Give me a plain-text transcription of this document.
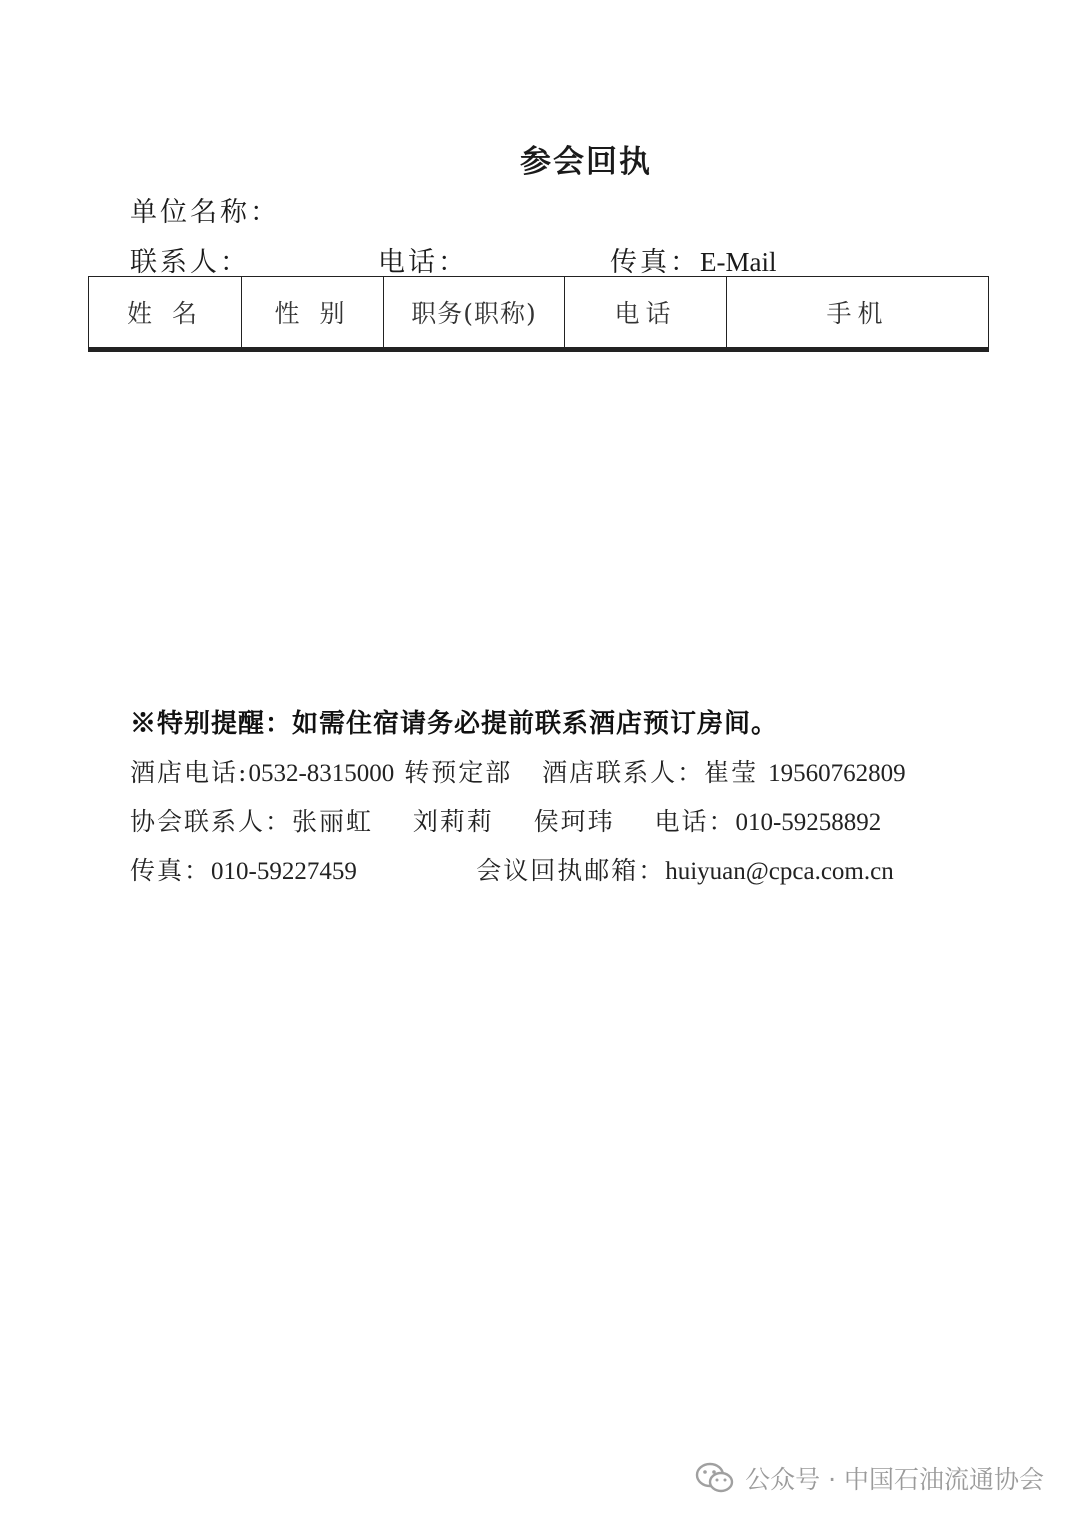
参会回执
单位名称：
联系人：	电话：	传真：E-Mail
姓 名	性 别	职务(职称)	电话	手机

※特别提醒：如需住宿请务必提前联系酒店预订房间。
酒店电话:0532-8315000 转预定部 酒店联系人：崔莹 19560762809
协会联系人：张丽虹 刘莉莉 侯珂玮 电话：010-59258892
传真：010-59227459	会议回执邮箱：huiyuan@cpca.com.cn
公众号 · 中国石油流通协会
